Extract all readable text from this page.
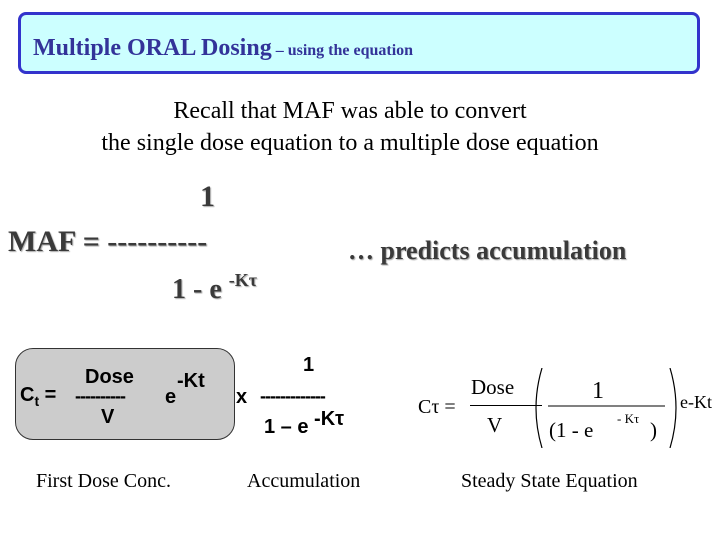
Multiple ORAL Dosing – using the equation
Recall that MAF was able to convert
the single dose equation to a multiple dose equation
1
MAF = ----------
1 - e $^{-K\tau}$
… predicts accumulation
Dose
$C_t$ = ---------- e
-Kt
V
x -------------
1
1 – e -Kτ
Cτ =
Dose
V
1
(1 - e - Kτ )
e-Kt
First Dose Conc.	Accumulation	Steady State Equation
